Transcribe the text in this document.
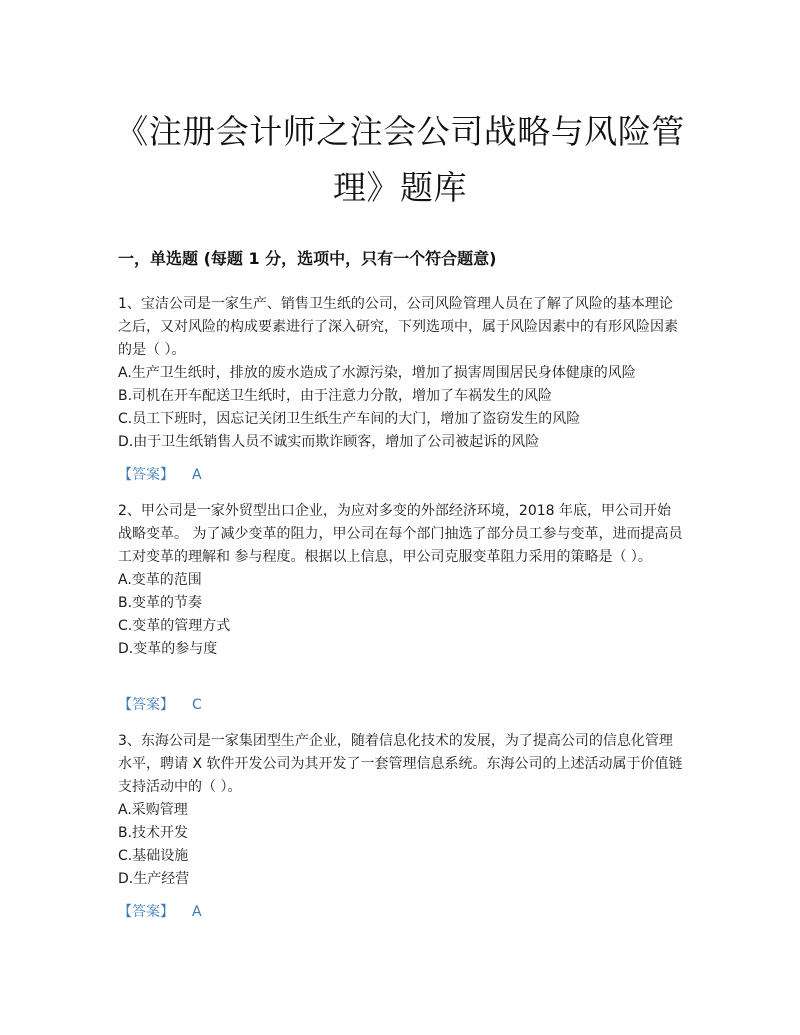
《注册会计师之注会公司战略与风险管理》题库
一，单选题 (每题 1 分，选项中，只有一个符合题意)

1、宝洁公司是一家生产、销售卫生纸的公司，公司风险管理人员在了解了风险的基本理论之后，又对风险的构成要素进行了深入研究，下列选项中，属于风险因素中的有形风险因素的是（ ）。

A.生产卫生纸时，排放的废水造成了水源污染，增加了损害周围居民身体健康的风险

B.司机在开车配送卫生纸时，由于注意力分散，增加了车祸发生的风险

C.员工下班时，因忘记关闭卫生纸生产车间的大门，增加了盗窃发生的风险

D.由于卫生纸销售人员不诚实而欺诈顾客，增加了公司被起诉的风险

【答案】 A

2、甲公司是一家外贸型出口企业，为应对多变的外部经济环境，2018 年底，甲公司开始战略变革。 为了减少变革的阻力，甲公司在每个部门抽选了部分员工参与变革，进而提高员工对变革的理解和 参与程度。根据以上信息，甲公司克服变革阻力采用的策略是（ ）。

A.变革的范围

B.变革的节奏

C.变革的管理方式

D.变革的参与度

【答案】 C

3、东海公司是一家集团型生产企业，随着信息化技术的发展，为了提高公司的信息化管理水平，聘请 X 软件开发公司为其开发了一套管理信息系统。东海公司的上述活动属于价值链支持活动中的（ ）。

A.采购管理

B.技术开发

C.基础设施

D.生产经营

【答案】 A
